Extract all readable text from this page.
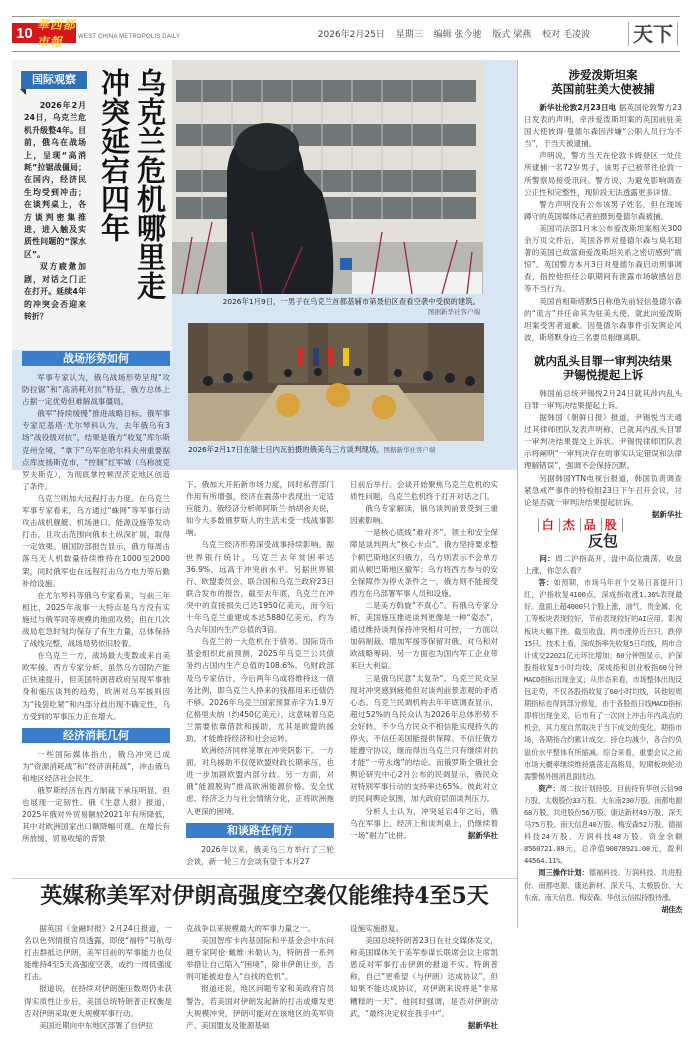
10 華西都市報	WEST CHINA METROPOLIS DAILY	2026年2月25日 星期三 编辑 张今驰 版式 梁燕 校对 毛凌波 天下
国际观察

2026年2月24日，乌克兰危机升级整4年。目前，俄乌在战场上，呈现“高消耗”拉锯战僵局；在国内，经济民生均受到冲击；在谈判桌上，各方谈判密集推进，进入触及实质性问题的“深水区”。

双方疲惫加剧，对话之门正在打开。延续4年的冲突会否迎来转折？

乌克兰危机哪里走
冲突延宕四年
2026年1月9日，一男子在乌克兰首都基辅市第聂伯区查看空袭中受损的建筑。
图据新华社客户端
2026年2月17日在瑞士日内瓦拍摄的俄美乌三方谈判现场。图据新华社客户端
战场形势如何

军事专家认为，俄乌战场形势呈现“攻防拉锯”和“高消耗对抗”特征，俄方总体上占据一定优势但难解战事僵局。

俄军“持续缓慢”推进战略目标。俄军事专家尼基塔·尤尔琴科认为，去年俄乌有3场“战役级对抗”，结果是俄方“收复”库尔斯克州全境、“拿下”乌军在哈尔科夫州重要据点库皮扬斯克市，“控制”红军城（乌称波克罗夫斯克），为彻底掌控顿涅茨克地区创造了条件。

乌克兰则加大远程打击力度。在乌克兰军事专家看来，乌方通过“蛛网”等军事行动攻击战机舰艇、机场港口、能源设施等发动打击，且攻击范围向俄本土纵深扩展，取得一定效果。俄国防部报告显示，俄方每周击落乌无人机数量持续维持在1000至2000架，同时俄军也在远程打击乌方电力等后勤补给设施。

在尤尔琴科等俄乌专家看来，与前三年相比，2025年战事一大特点是乌方没有实施过与俄军同等规模的地面攻势，但在几次战局危急时刻均保存了有生力量，总体保持了战线完整，战场局势依旧胶着。

在乌克兰一方，战场最大变数或来自美欧军援。西方专家分析，虽然乌方国防产能正快速提升，但美国特朗普政府呈现军事抽身和施压谈判的趋势，欧洲对乌军援则因为“钱袋吃紧”和内部分歧出现不确定性，乌方受到的军事压力正在增大。

经济消耗几何

一些国际媒体指出，俄乌冲突已成为“资源消耗战”和“经济消耗战”，冲击俄乌和地区经济社会民生。

俄罗斯经济在西方制裁下承压明显，但也展现一定韧性。俄《生意人报》报道，2025年俄对外贸易额较2021年有所降低，其中对欧洲国家出口额降幅可观。在增长有所放缓、贸易收缩的背景

下，俄加大开拓新市场力度，同时私营部门作用有所增强，经济在震荡中表现出一定适应能力。俄经济分析师阿斯兰·纳胡舍夫说，如今大多数俄罗斯人的生活未受一线战事影响。

乌克兰经济形势深受战事持续影响。据世界银行统计，乌克兰去年贫困率达36.9%，远高于冲突前水平。另据世界银行、欧盟委员会、联合国和乌克兰政府23日联合发布的报告，截至去年底，乌克兰在冲突中的直接损失已达1950亿美元，而今后十年乌克兰重建成本达5880亿美元，约为乌去年国内生产总值的3倍。

乌克兰的一大危机在于债务。国际货币基金组织此前预测，2025年乌克兰公共债务约占国内生产总值的108.6%。乌财政部及乌专家估计，今后两年乌或将维持这一债务比例，即乌克兰人挣来的钱都用来还债仍不够。2026年乌克兰国家预算赤字为1.9万亿格里夫纳（约450亿美元），这意味着乌克兰需要依靠借款和援助，尤其是欧盟的援助，才能维持经济和社会运转。

欧洲经济同样笼罩在冲突阴影下。一方面，对乌援助不仅使欧盟财政长期承压，也进一步加剧欧盟内部分歧。另一方面，对俄“能源脱钩”推高欧洲能源价格。安全忧虑、经济乏力与社会情绪分化，正将欧洲拖入更深的困境。

和谈路在何方

2026年以来，俄美乌三方举行了三轮会谈，新一轮三方会谈有望于本月27

日前后举行。会谈开始聚焦乌克兰危机的实质性问题，乌克兰危机终于打开对话之门。

俄乌专家解读，俄乌谈判前景受到三重因素影响。

一是核心底线“难对齐”。领土和安全保障是谈判两大“核心卡点”。俄方坚持要求整个顿巴斯地区归俄方，乌方则表示不会单方面从顿巴斯地区撤军；乌方将西方参与的安全保障作为停火条件之一，俄方则不能接受西方在乌部署军事人员和设施。

二是美方斡旋“不真心”。有俄乌专家分析，美国施压推进谈判更像是一种“姿态”，通过维持谈判保持冲突相对可控，一方面以加码制裁、增加军援等保留对俄、对乌和对欧战略筹码，另一方面也为国内军工企业带来巨大利益。

三是俄乌民意“太复杂”。乌克兰民众呈现对冲突感到疲倦但对谈判前景悲观的矛盾心态。乌克兰民调机构去年年底调查显示，超过52%的乌民众认为2026年总体形势不会好转。不少乌方民众不相信能实现持久的停火、不信任美国能提供保障、不信任俄方能遵守协议，继而得出乌克兰只有继续对抗才能“一劳永逸”的结论。而俄罗斯全俄社会舆论研究中心2月公布的民调显示，俄民众对特别军事行动的支持率达65%。彼此对立的民间舆论氛围，加大政府层面谈判压力。

分析人士认为，冲突延宕4年之后，俄乌在军事上、经济上和谈判桌上，仍继续着一场“耐力”比拼。	据新华社

涉爱泼斯坦案
英国前驻美大使被捕

新华社伦敦2月23日电 据英国伦敦警方23日发表的声明，牵涉爱泼斯坦案的英国前驻美国大使彼得·曼德尔森因涉嫌“公职人员行为不当”，于当天被逮捕。

声明说，警方当天在伦敦卡姆登区一处住所逮捕一名72岁男子，该男子已被带往伦敦一所警察局接受讯问。警方说，为避免影响调查公正性和完整性，现阶段无法透露更多详情。

警方声明没有公布该男子姓名，但在现场蹲守的英国媒体记者拍摄到曼德尔森被捕。

美国司法部1月末公布爱泼斯坦案相关300余万页文件后，英国各界对曼德尔森与臭名昭著的美国已故富商爱泼斯坦关系之密切感到“震惊”。英国警方本月3日对曼德尔森启动刑事调查，指控他担任公职期间有泄露市场敏感信息等不当行为。

英国首相斯塔默5日称他先前轻信曼德尔森的“谎言”并任命其为驻美大使，就此向爱泼斯坦案受害者道歉。因曼德尔森事件引发舆论风波，斯塔默身边三名要员相继离职。

就内乱头目罪一审判决结果
尹锡悦提起上诉

韩国前总统尹锡悦2月24日就其涉内乱头目罪一审判决结果提起上诉。

据韩国《朝鲜日报》报道，尹锡悦当天通过其律师团队发表声明称，已就其内乱头目罪一审判决结果提交上诉状。尹锡悦律师团队表示将阐明“一审判决存在的事实认定错误和法律理解错误”，强调不会保持沉默。

另据韩国YTN电视台报道，韩国负责调查紧急戒严事件的特检组23日下午召开会议，讨论是否就一审判决结果提起抗诉。
据新华社

白 杰 品 股
反包

问：周二沪指高开，盘中高位震荡，收盘上涨，你怎么看？

答：如预期，市场马年首个交易日喜提开门红，沪指收复4100点，深成指收涨1.36%表现最好。盘面上超4000只个股上涨，油气、贵金属、化工等板块表现较好，节前表现较好的AI应用、影视板块大幅下挫。截至收盘，两市涨停近百只，跌停15只。技术上看，深成指率先收复5日均线，两市合计成交22021亿元环比增加；60分钟图显示，沪深股指收复5小时均线，深成指和创业板指60分钟MACD指标出现金叉；从形态来看，市场整体出现反包走势，不仅各股指收复了60小时均线，其他短周期指标也得到部分修复，由于各股指日线MACD指标即将出现金叉，后市有了一次向上冲击年内高点的机会，其力度自然取决于当下成交的变化。期指市场，各期指合约累计成交、持仓均减少，各合约负溢价水平整体有所缩减。综合来看，重要会议之前市场大概率继续维持震荡走高格局，短期板块轮动需警惕外围消息面扰动。

资产：周二按计划持股。目前持有华创云信90万股、太极股份33万股、大东南230万股、南都电源68万股、共进股份56万股、康达新材49万股、深天马75万股、南天信息40万股、梅安森52万股、德福科技24万股、万润科技48万股。资金余额8560721.08元，总净值90878921.08元，盈利44564.11%。

周三操作计划：德福科技、万润科技、共进股份、南都电源、康达新材、深天马、太极股份、大东南、南天信息、梅安森、华创云信拟持股待涨。
胡佳杰

英媒称美军对伊朗高强度空袭仅能维持4至5天

据英国《金融时报》2月24日报道，一名以色列情报官员透露，即使“福特”号航母打击群抵达伊朗，美军目前的军事能力也仅能维持4至5天高强度空袭，或约一周低强度打击。

报道说，在持续对伊朗施压数周仍未获得实质性让步后，美国总统特朗普正权衡是否对伊朗采取更大规模军事行动。

美国近期向中东地区部署了自伊拉

克战争以来规模最大的军事力量之一。

美国智库卡内基国际和平基金会中东问题专家阿伦·戴维·米勒认为，特朗普一系列举措让自己陷入“困境”，除非伊朗让步，否则可能被迫卷入“自找的危机”。

报道还说，地区问题专家和美政府官员警告，若美国对伊朗发起新的打击或爆发更大规模冲突，伊朗可能对在该地区的美军资产、美国盟友及能源基础

设施实施报复。

美国总统特朗普23日在社交媒体发文，称美国媒体关于美军参谋长联席会议主席凯恩反对军事打击伊朗的报道不实。特朗普称，自己“更希望（与伊朗）达成协议”，但如果不能达成协议，对伊朗来说将是“非常糟糕的一天”。他同时强调，是否对伊朗动武，“最终决定权在我手中”。

据新华社
